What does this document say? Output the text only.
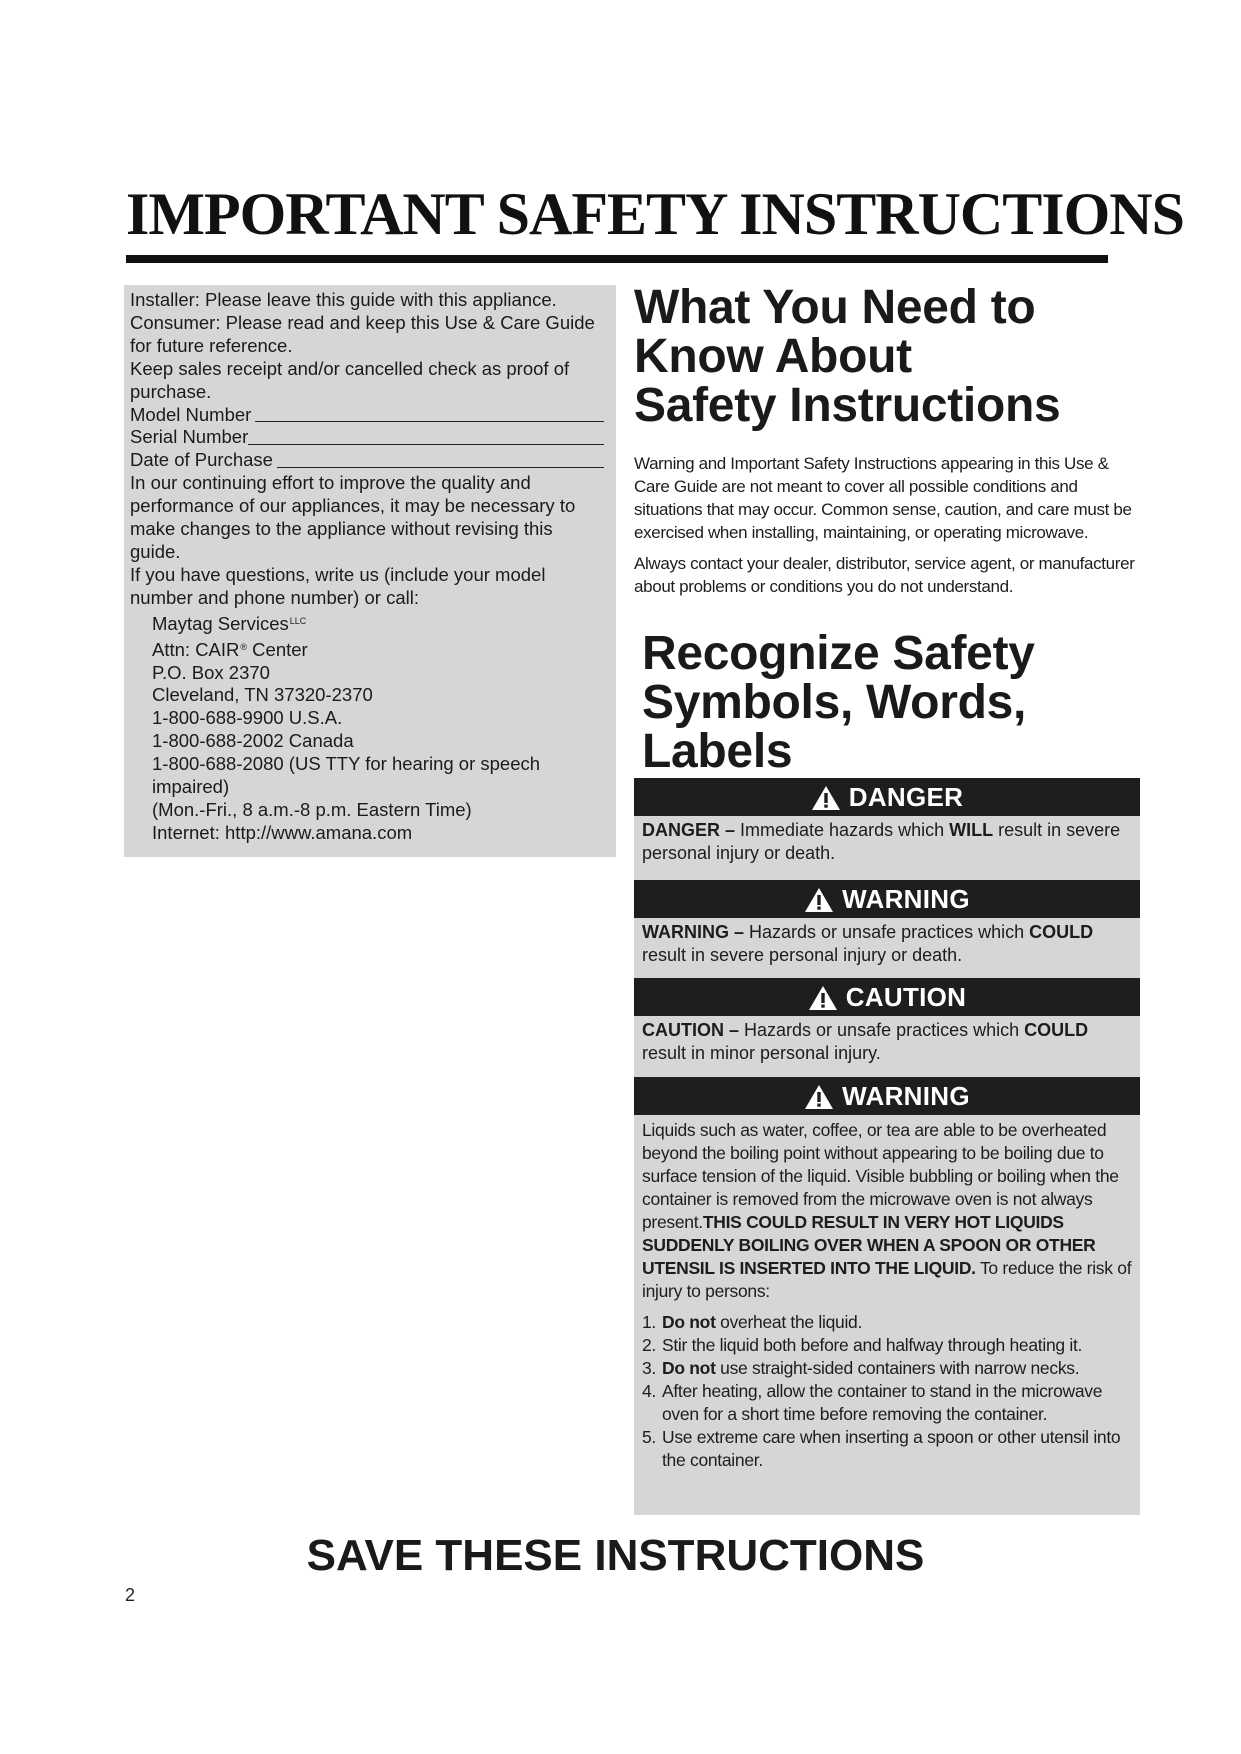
IMPORTANT SAFETY INSTRUCTIONS
Installer: Please leave this guide with this appliance.
Consumer: Please read and keep this Use & Care Guide
for future reference.
Keep sales receipt and/or cancelled check as proof of
purchase.
Model Number
Serial Number
Date of Purchase
In our continuing effort to improve the quality and
performance of our appliances, it may be necessary to
make changes to the appliance without revising this
guide.
If you have questions, write us (include your model
number and phone number) or call:
Maytag Services$^{LLC}$
Attn: CAIR® Center
P.O. Box 2370
Cleveland, TN 37320-2370
1-800-688-9900 U.S.A.
1-800-688-2002 Canada
1-800-688-2080 (US TTY for hearing or speech
impaired)
(Mon.-Fri., 8 a.m.-8 p.m. Eastern Time)
Internet: http://www.amana.com
What You Need to
Know About
Safety Instructions
Warning and Important Safety Instructions appearing in this Use & Care Guide are not meant to cover all possible conditions and situations that may occur. Common sense, caution, and care must be exercised when installing, maintaining, or operating microwave.
Always contact your dealer, distributor, service agent, or manufacturer about problems or conditions you do not understand.
Recognize Safety
Symbols, Words,
Labels
DANGER
DANGER – Immediate hazards which WILL result in severe personal injury or death.
WARNING
WARNING – Hazards or unsafe practices which COULD result in severe personal injury or death.
CAUTION
CAUTION – Hazards or unsafe practices which COULD result in minor personal injury.
WARNING
Liquids such as water, coffee, or tea are able to be overheated beyond the boiling point without appearing to be boiling due to surface tension of the liquid. Visible bubbling or boiling when the container is removed from the microwave oven is not always present.THIS COULD RESULT IN VERY HOT LIQUIDS SUDDENLY BOILING OVER WHEN A SPOON OR OTHER UTENSIL IS INSERTED INTO THE LIQUID. To reduce the risk of injury to persons:
1. Do not overheat the liquid.
2. Stir the liquid both before and halfway through heating it.
3. Do not use straight-sided containers with narrow necks.
4. After heating, allow the container to stand in the microwave oven for a short time before removing the container.
5. Use extreme care when inserting a spoon or other utensil into the container.
SAVE THESE INSTRUCTIONS
2
